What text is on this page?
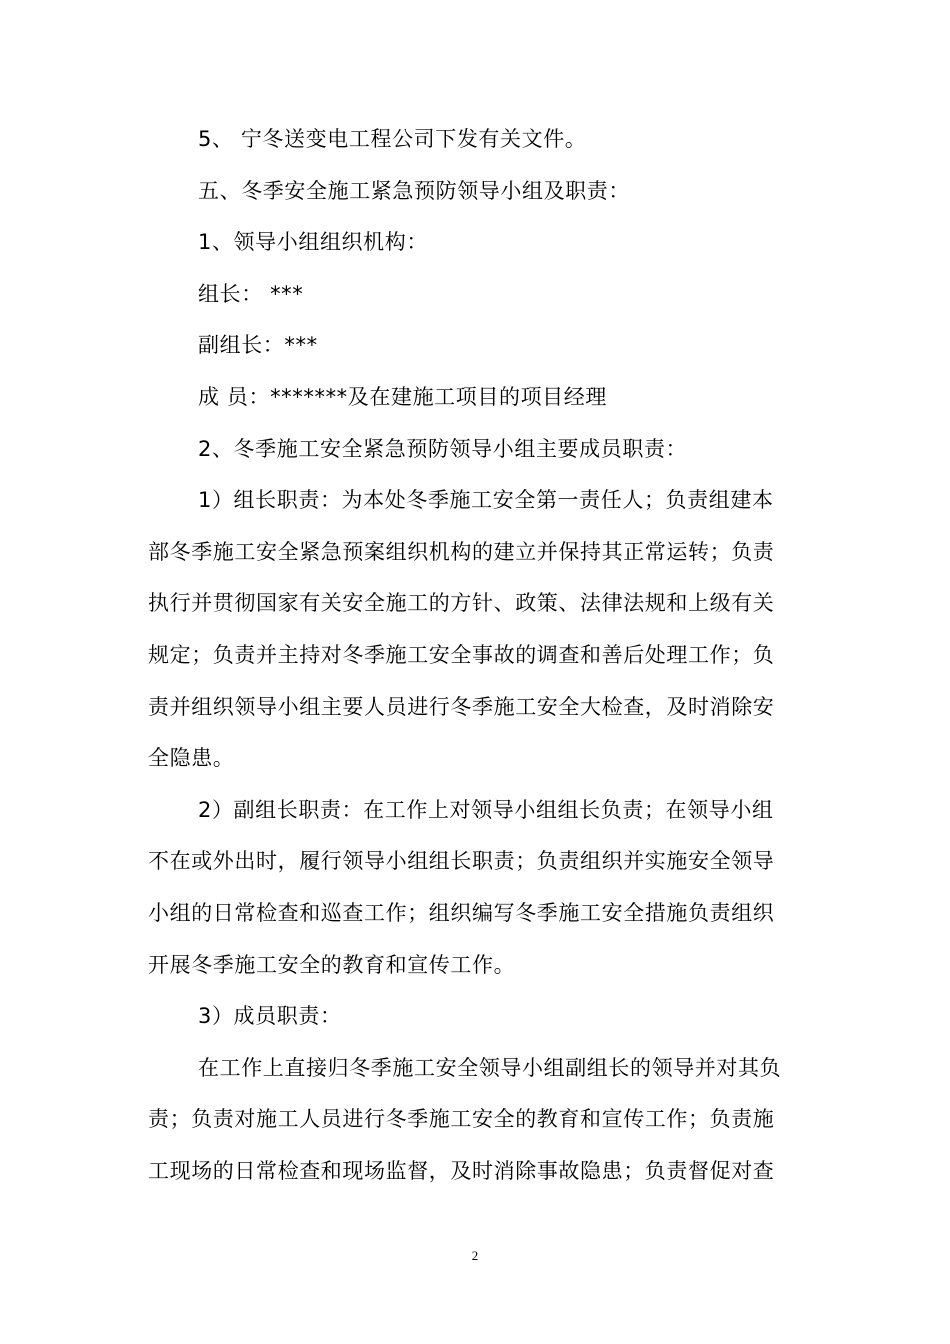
5、 宁冬送变电工程公司下发有关文件。

五、冬季安全施工紧急预防领导小组及职责：

1、领导小组组织机构：

组长： ***

副组长：***

成 员：*******及在建施工项目的项目经理

2、冬季施工安全紧急预防领导小组主要成员职责：

1）组长职责：为本处冬季施工安全第一责任人；负责组建本

部冬季施工安全紧急预案组织机构的建立并保持其正常运转；负责

执行并贯彻国家有关安全施工的方针、政策、法律法规和上级有关

规定；负责并主持对冬季施工安全事故的调查和善后处理工作；负

责并组织领导小组主要人员进行冬季施工安全大检查，及时消除安

全隐患。

2）副组长职责：在工作上对领导小组组长负责；在领导小组

不在或外出时，履行领导小组组长职责；负责组织并实施安全领导

小组的日常检查和巡查工作；组织编写冬季施工安全措施负责组织

开展冬季施工安全的教育和宣传工作。

3）成员职责：

在工作上直接归冬季施工安全领导小组副组长的领导并对其负

责；负责对施工人员进行冬季施工安全的教育和宣传工作；负责施

工现场的日常检查和现场监督，及时消除事故隐患；负责督促对查

2
